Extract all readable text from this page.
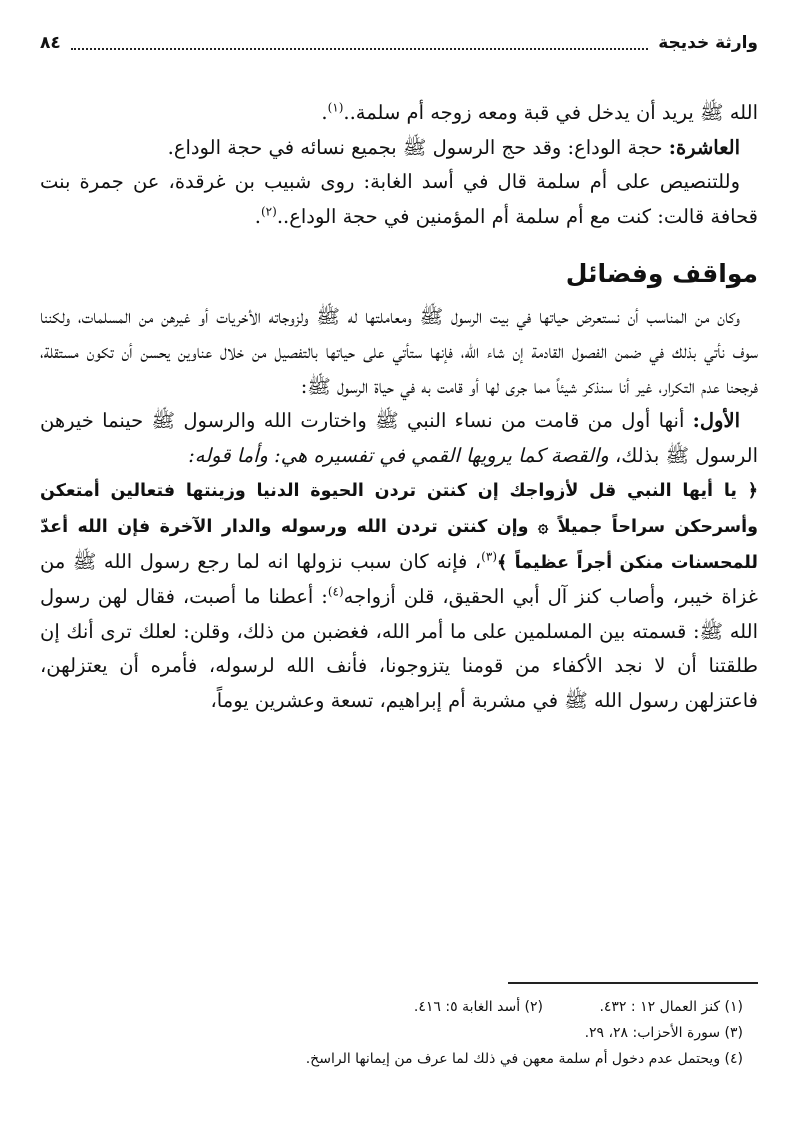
٨٤	وارثة خديجة

الله ﷺ يريد أن يدخل في قبة ومعه زوجه أم سلمة..$^{(١)}$.

العاشرة: حجة الوداع: وقد حج الرسول ﷺ بجميع نسائه في حجة الوداع.

وللتنصيص على أم سلمة قال في أسد الغابة: روى شبيب بن غرقدة، عن جمرة بنت قحافة قالت: كنت مع أم سلمة أم المؤمنين في حجة الوداع..$^{(٢)}$.

مواقف وفضائل

وكان من المناسب أن نستعرض حياتها في بيت الرسول ﷺ ومعاملتها له ﷺ ولزوجاته الأخريات أو غيرهن من المسلمات، ولكننا سوف نأتي بذلك في ضمن الفصول القادمة إن شاء الله، فإنها ستأتي على حياتها بالتفصيل من خلال عناوين يحسن أن تكون مستقلة، فرجحنا عدم التكرار، غير أنا سنذكر شيئاً مما جرى لها أو قامت به في حياة الرسول ﷺ:

الأول: أنها أول من قامت من نساء النبي ﷺ واختارت الله والرسول ﷺ حينما خيرهن الرسول ﷺ بذلك، والقصة كما يرويها القمي في تفسيره هي: وأما قوله:

﴿ يا أيها النبي قل لأزواجك إن كنتن تردن الحيوة الدنيا وزينتها فتعالين أمتعكن وأسرحكن سراحاً جميلاً ۞ وإن كنتن تردن الله ورسوله والدار الآخرة فإن الله أعدّ للمحسنات منكن أجراً عظيماً ﴾$^{(٣)}$، فإنه كان سبب نزولها انه لما رجع رسول الله ﷺ من غزاة خيبر، وأصاب كنز آل أبي الحقيق، قلن أزواجه$^{(٤)}$: أعطنا ما أصبت، فقال لهن رسول الله ﷺ: قسمته بين المسلمين على ما أمر الله، فغضبن من ذلك، وقلن: لعلك ترى أنك إن طلقتنا أن لا نجد الأكفاء من قومنا يتزوجونا، فأنف الله لرسوله، فأمره أن يعتزلهن، فاعتزلهن رسول الله ﷺ في مشربة أم إبراهيم، تسعة وعشرين يوماً،

(١) كنز العمال ١٢ : ٤٣٢.
(٢) أسد الغابة ٥: ٤١٦.
(٣) سورة الأحزاب: ٢٨، ٢٩.
(٤) ويحتمل عدم دخول أم سلمة معهن في ذلك لما عرف من إيمانها الراسخ.
